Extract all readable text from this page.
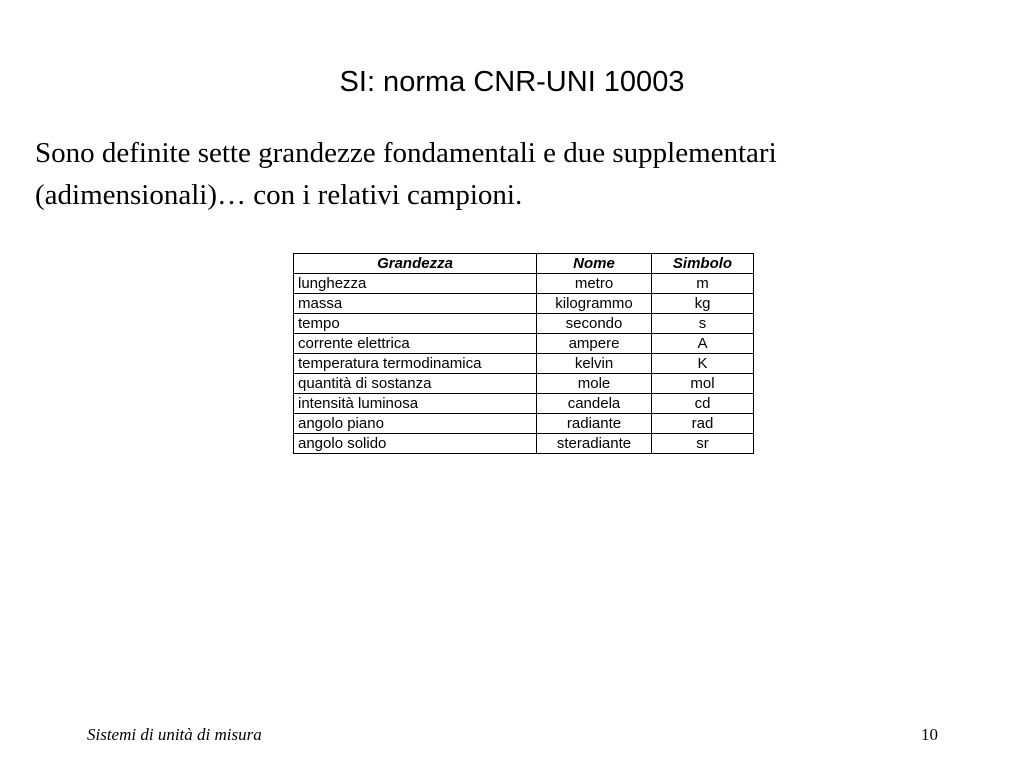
SI: norma CNR-UNI 10003
Sono definite sette grandezze fondamentali e due supplementari
(adimensionali)… con i relativi campioni.
Grandezza	Nome	Simbolo
lunghezza	metro	m
massa	kilogrammo	kg
tempo	secondo	s
corrente elettrica	ampere	A
temperatura termodinamica	kelvin	K
quantità di sostanza	mole	mol
intensità luminosa	candela	cd
angolo piano	radiante	rad
angolo solido	steradiante	sr
Sistemi di unità di misura	10
